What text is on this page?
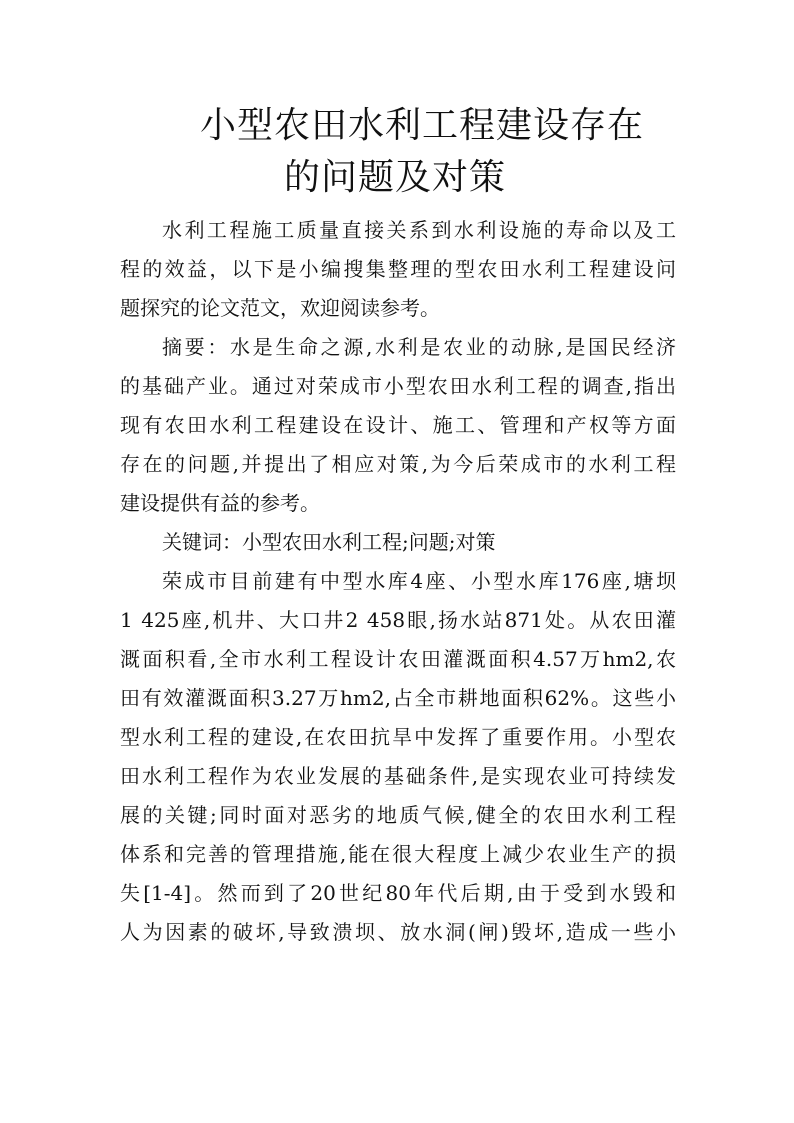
小型农田水利工程建设存在
的问题及对策
水利工程施工质量直接关系到水利设施的寿命以及工
程的效益，以下是小编搜集整理的型农田水利工程建设问
题探究的论文范文，欢迎阅读参考。
摘要：水是生命之源,水利是农业的动脉,是国民经济
的基础产业。通过对荣成市小型农田水利工程的调查,指出
现有农田水利工程建设在设计、施工、管理和产权等方面
存在的问题,并提出了相应对策,为今后荣成市的水利工程
建设提供有益的参考。
关键词：小型农田水利工程;问题;对策
荣成市目前建有中型水库4座、小型水库176座,塘坝
1 425座,机井、大口井2 458眼,扬水站871处。从农田灌
溉面积看,全市水利工程设计农田灌溉面积4.57万hm2,农
田有效灌溉面积3.27万hm2,占全市耕地面积62%。这些小
型水利工程的建设,在农田抗旱中发挥了重要作用。小型农
田水利工程作为农业发展的基础条件,是实现农业可持续发
展的关键;同时面对恶劣的地质气候,健全的农田水利工程
体系和完善的管理措施,能在很大程度上减少农业生产的损
失[1-4]。然而到了20世纪80年代后期,由于受到水毁和
人为因素的破坏,导致溃坝、放水洞(闸)毁坏,造成一些小
